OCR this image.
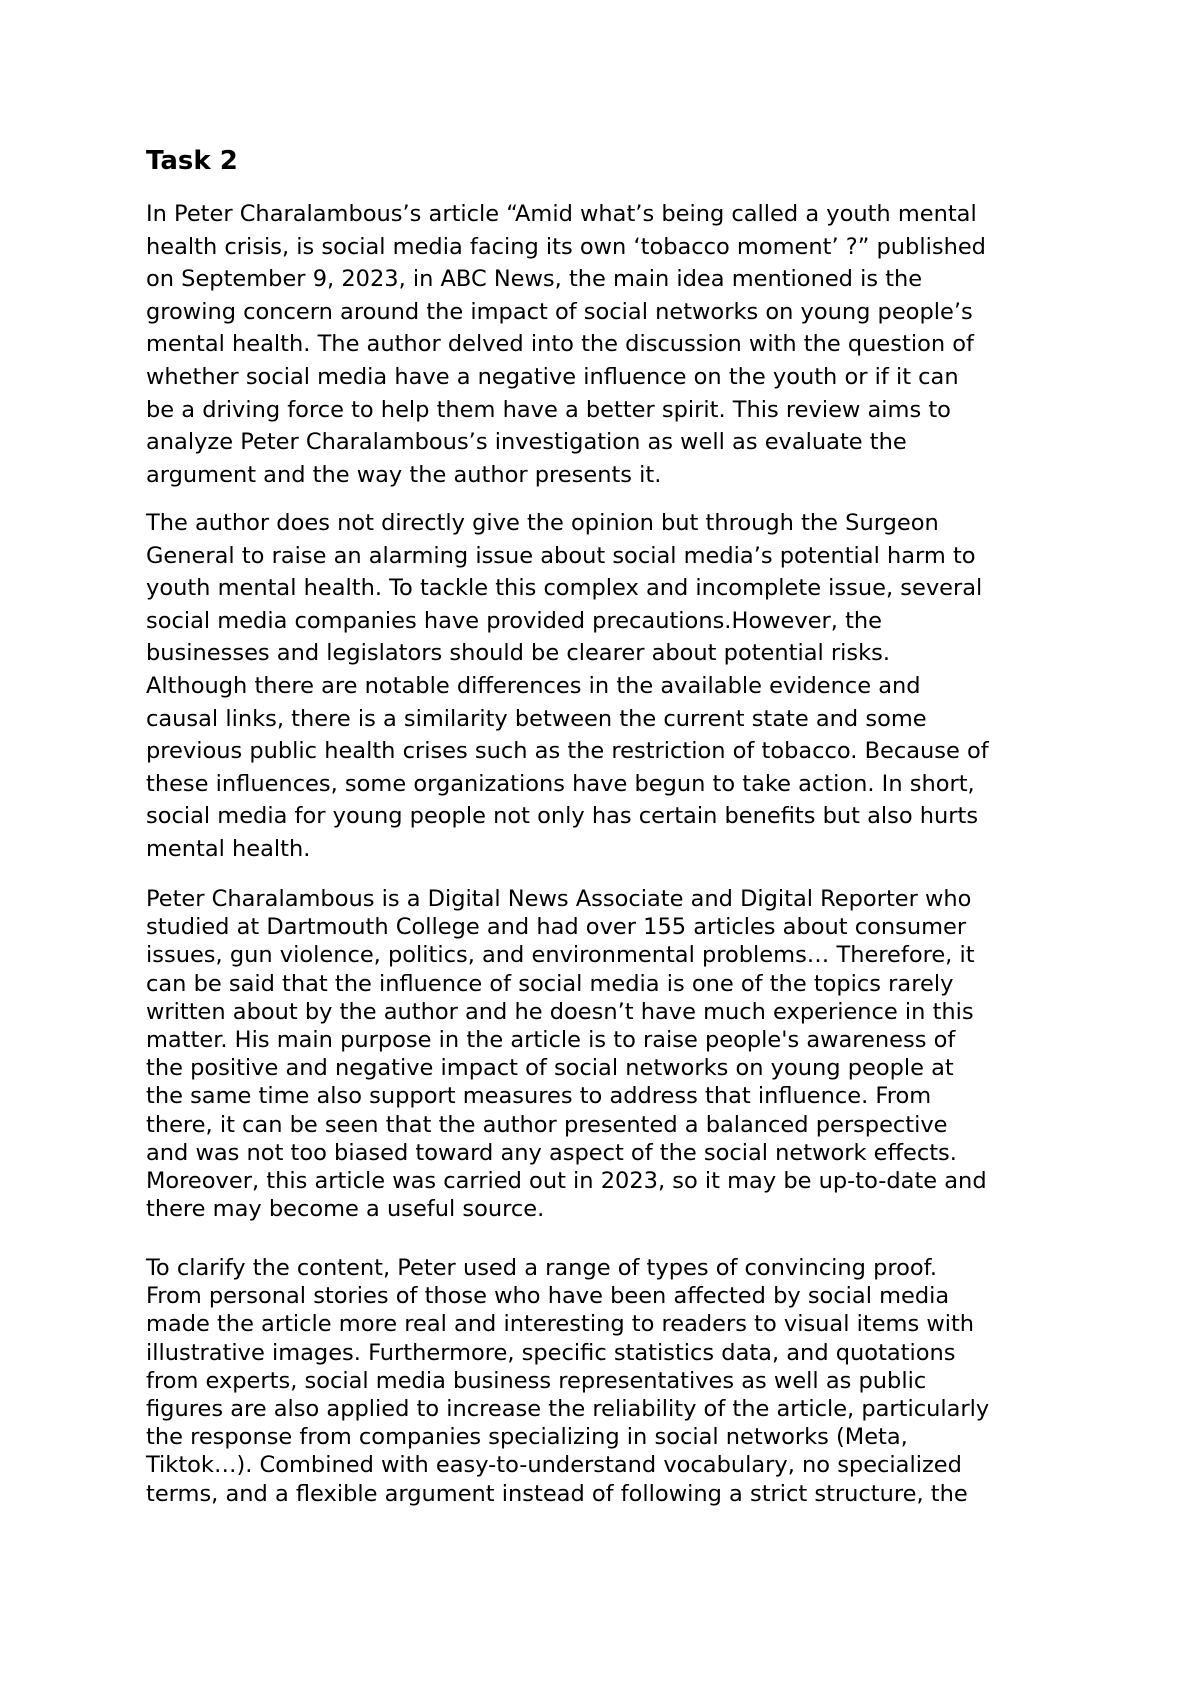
Task 2

In Peter Charalambous’s article “Amid what’s being called a youth mental
health crisis, is social media facing its own ‘tobacco moment’ ?” published
on September 9, 2023, in ABC News, the main idea mentioned is the
growing concern around the impact of social networks on young people’s
mental health. The author delved into the discussion with the question of
whether social media have a negative influence on the youth or if it can
be a driving force to help them have a better spirit. This review aims to
analyze Peter Charalambous’s investigation as well as evaluate the
argument and the way the author presents it.

The author does not directly give the opinion but through the Surgeon
General to raise an alarming issue about social media’s potential harm to
youth mental health. To tackle this complex and incomplete issue, several
social media companies have provided precautions.However, the
businesses and legislators should be clearer about potential risks.
Although there are notable differences in the available evidence and
causal links, there is a similarity between the current state and some
previous public health crises such as the restriction of tobacco. Because of
these influences, some organizations have begun to take action. In short,
social media for young people not only has certain benefits but also hurts
mental health.

Peter Charalambous is a Digital News Associate and Digital Reporter who
studied at Dartmouth College and had over 155 articles about consumer
issues, gun violence, politics, and environmental problems… Therefore, it
can be said that the influence of social media is one of the topics rarely
written about by the author and he doesn’t have much experience in this
matter. His main purpose in the article is to raise people's awareness of
the positive and negative impact of social networks on young people at
the same time also support measures to address that influence. From
there, it can be seen that the author presented a balanced perspective
and was not too biased toward any aspect of the social network effects.
Moreover, this article was carried out in 2023, so it may be up-to-date and
there may become a useful source.

To clarify the content, Peter used a range of types of convincing proof.
From personal stories of those who have been affected by social media
made the article more real and interesting to readers to visual items with
illustrative images. Furthermore, specific statistics data, and quotations
from experts, social media business representatives as well as public
figures are also applied to increase the reliability of the article, particularly
the response from companies specializing in social networks (Meta,
Tiktok…). Combined with easy-to-understand vocabulary, no specialized
terms, and a flexible argument instead of following a strict structure, the
